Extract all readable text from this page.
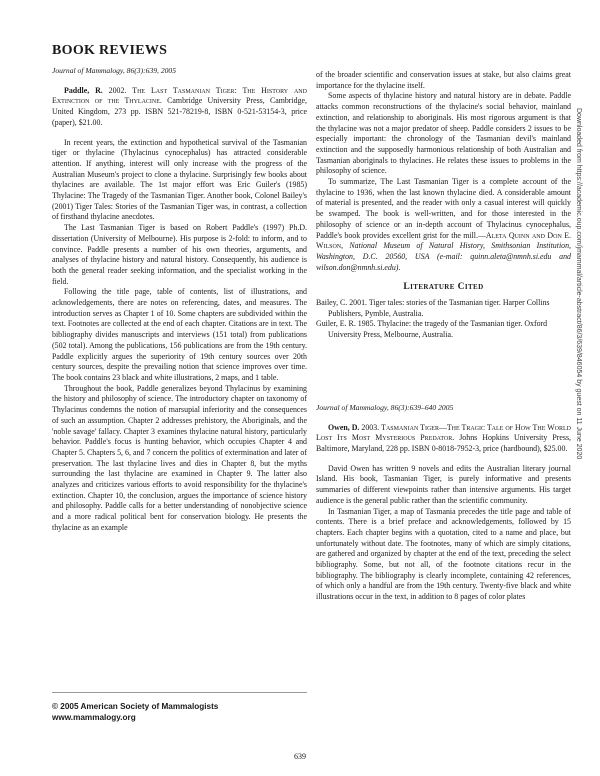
BOOK REVIEWS

Journal of Mammalogy, 86(3):639, 2005

Paddle, R. 2002. The Last Tasmanian Tiger: The History and Extinction of the Thylacine. Cambridge University Press, Cambridge, United Kingdom, 273 pp. ISBN 521-78219-8, ISBN 0-521-53154-3, price (paper), $21.00.

In recent years, the extinction and hypothetical survival of the Tasmanian tiger or thylacine (Thylacinus cynocephalus) has attracted considerable attention. If anything, interest will only increase with the progress of the Australian Museum's project to clone a thylacine. Surprisingly few books about thylacines are available. The 1st major effort was Eric Guiler's (1985) Thylacine: The Tragedy of the Tasmanian Tiger. Another book, Colonel Bailey's (2001) Tiger Tales: Stories of the Tasmanian Tiger was, in contrast, a collection of firsthand thylacine anecdotes.

The Last Tasmanian Tiger is based on Robert Paddle's (1997) Ph.D. dissertation (University of Melbourne). His purpose is 2-fold: to inform, and to convince. Paddle presents a number of his own theories, arguments, and analyses of thylacine history and natural history. Consequently, his audience is both the general reader seeking information, and the specialist working in the field.

Following the title page, table of contents, list of illustrations, and acknowledgements, there are notes on referencing, dates, and measures. The introduction serves as Chapter 1 of 10. Some chapters are subdivided within the text. Footnotes are collected at the end of each chapter. Citations are in text. The bibliography divides manuscripts and interviews (151 total) from publications (502 total). Among the publications, 156 publications are from the 19th century. Paddle explicitly argues the superiority of 19th century sources over 20th century sources, despite the prevailing notion that science improves over time. The book contains 23 black and white illustrations, 2 maps, and 1 table.

Throughout the book, Paddle generalizes beyond Thylacinus by examining the history and philosophy of science. The introductory chapter on taxonomy of Thylacinus condemns the notion of marsupial inferiority and the consequences of such an assumption. Chapter 2 addresses prehistory, the Aboriginals, and the 'noble savage' fallacy. Chapter 3 examines thylacine natural history, particularly behavior. Paddle's focus is hunting behavior, which occupies Chapter 4 and Chapter 5. Chapters 5, 6, and 7 concern the politics of extermination and later of preservation. The last thylacine lives and dies in Chapter 8, but the myths surrounding the last thylacine are examined in Chapter 9. The latter also analyzes and criticizes various efforts to avoid responsibility for the thylacine's extinction. Chapter 10, the conclusion, argues the importance of science history and philosophy. Paddle calls for a better understanding of nonobjective science and a more radical political bent for conservation biology. He presents the thylacine as an example

of the broader scientific and conservation issues at stake, but also claims great importance for the thylacine itself.

Some aspects of thylacine history and natural history are in debate. Paddle attacks common reconstructions of the thylacine's social behavior, mainland extinction, and relationship to aboriginals. His most rigorous argument is that the thylacine was not a major predator of sheep. Paddle considers 2 issues to be especially important: the chronology of the Tasmanian devil's mainland extinction and the supposedly harmonious relationship of both Australian and Tasmanian aboriginals to thylacines. He relates these issues to problems in the philosophy of science.

To summarize, The Last Tasmanian Tiger is a complete account of the thylacine to 1936, when the last known thylacine died. A considerable amount of material is presented, and the reader with only a casual interest will quickly be swamped. The book is well-written, and for those interested in the philosophy of science or an in-depth account of Thylacinus cynocephalus, Paddle's book provides excellent grist for the mill.—Aleta Quinn and Don E. Wilson, National Museum of Natural History, Smithsonian Institution, Washington, D.C. 20560, USA (e-mail: quinn.aleta@nmnh.si.edu and wilson.don@nmnh.si.edu).

Literature Cited

Bailey, C. 2001. Tiger tales: stories of the Tasmanian tiger. Harper Collins Publishers, Pymble, Australia.

Guiler, E. R. 1985. Thylacine: the tragedy of the Tasmanian tiger. Oxford University Press, Melbourne, Australia.

Journal of Mammalogy, 86(3):639–640 2005

Owen, D. 2003. Tasmanian Tiger—The Tragic Tale of How The World Lost Its Most Mysterious Predator. Johns Hopkins University Press, Baltimore, Maryland, 228 pp. ISBN 0-8018-7952-3, price (hardbound), $25.00.

David Owen has written 9 novels and edits the Australian literary journal Island. His book, Tasmanian Tiger, is purely informative and presents summaries of different viewpoints rather than intensive arguments. His target audience is the general public rather than the scientific community.

In Tasmanian Tiger, a map of Tasmania precedes the title page and table of contents. There is a brief preface and acknowledgements, followed by 15 chapters. Each chapter begins with a quotation, cited to a name and place, but unfortunately without date. The footnotes, many of which are simply citations, are gathered and organized by chapter at the end of the text, preceding the select bibliography. Some, but not all, of the footnote citations recur in the bibliography. The bibliography is clearly incomplete, containing 42 references, of which only a handful are from the 19th century. Twenty-five black and white illustrations occur in the text, in addition to 8 pages of color plates

© 2005 American Society of Mammalogists
www.mammalogy.org
639
Downloaded from https://academic.oup.com/jmammal/article-abstract/86/3/639/846054 by guest on 11 June 2020
